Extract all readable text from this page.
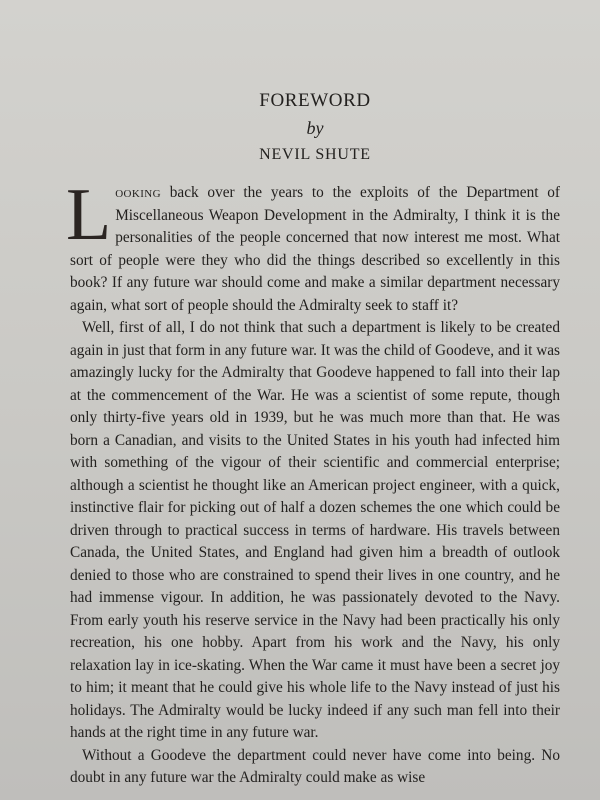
FOREWORD
by
NEVIL SHUTE

Looking back over the years to the exploits of the Department of Miscellaneous Weapon Development in the Admiralty, I think it is the personalities of the people concerned that now interest me most. What sort of people were they who did the things described so excellently in this book? If any future war should come and make a similar department necessary again, what sort of people should the Admiralty seek to staff it?

Well, first of all, I do not think that such a department is likely to be created again in just that form in any future war. It was the child of Goodeve, and it was amazingly lucky for the Admiralty that Goodeve happened to fall into their lap at the commencement of the War. He was a scientist of some repute, though only thirty-five years old in 1939, but he was much more than that. He was born a Canadian, and visits to the United States in his youth had infected him with something of the vigour of their scientific and commercial enterprise; although a scientist he thought like an American project engineer, with a quick, instinctive flair for picking out of half a dozen schemes the one which could be driven through to practical success in terms of hardware. His travels between Canada, the United States, and England had given him a breadth of outlook denied to those who are constrained to spend their lives in one country, and he had immense vigour. In addition, he was passionately devoted to the Navy. From early youth his reserve service in the Navy had been practically his only recreation, his one hobby. Apart from his work and the Navy, his only relaxation lay in ice-skating. When the War came it must have been a secret joy to him; it meant that he could give his whole life to the Navy instead of just his holidays. The Admiralty would be lucky indeed if any such man fell into their hands at the right time in any future war.

Without a Goodeve the department could never have come into being. No doubt in any future war the Admiralty could make as wise
